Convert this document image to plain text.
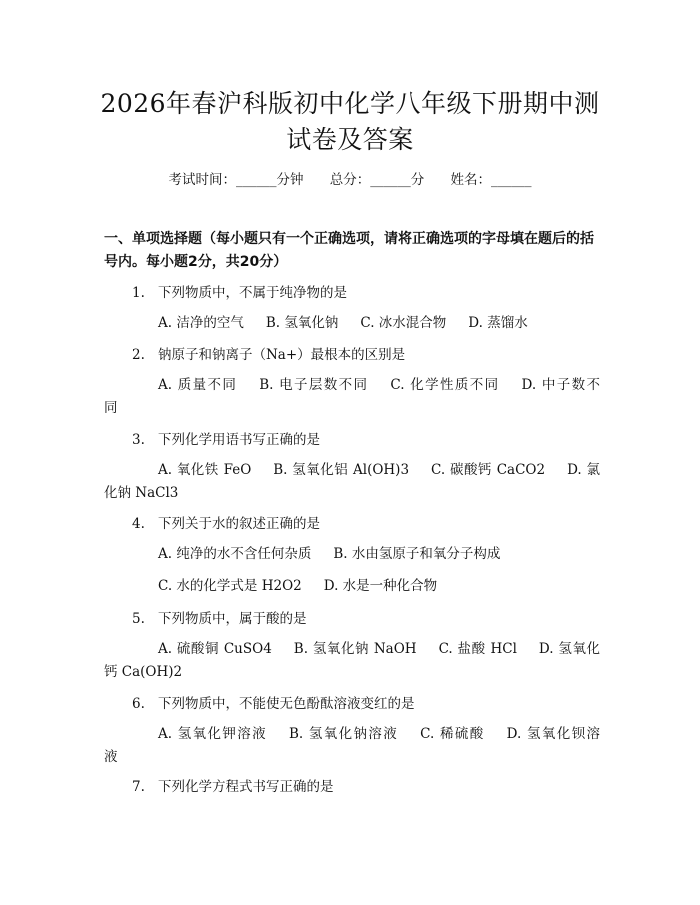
2026年春沪科版初中化学八年级下册期中测
试卷及答案
考试时间：______分钟 总分：______分 姓名：______
一、单项选择题（每小题只有一个正确选项，请将正确选项的字母填在题后的括号内。每小题2分，共20分）
1. 下列物质中，不属于纯净物的是
A. 洁净的空气 B. 氢氧化钠 C. 冰水混合物 D. 蒸馏水
2. 钠原子和钠离子（Na+）最根本的区别是
A. 质量不同 B. 电子层数不同 C. 化学性质不同 D. 中子数不同
3. 下列化学用语书写正确的是
A. 氧化铁 FeO B. 氢氧化铝 Al(OH)3 C. 碳酸钙 CaCO2 D. 氯化钠 NaCl3
4. 下列关于水的叙述正确的是
A. 纯净的水不含任何杂质 B. 水由氢原子和氧分子构成
C. 水的化学式是 H2O2 D. 水是一种化合物
5. 下列物质中，属于酸的是
A. 硫酸铜 CuSO4 B. 氢氧化钠 NaOH C. 盐酸 HCl D. 氢氧化钙 Ca(OH)2
6. 下列物质中，不能使无色酚酞溶液变红的是
A. 氢氧化钾溶液 B. 氢氧化钠溶液 C. 稀硫酸 D. 氢氧化钡溶液
7. 下列化学方程式书写正确的是
